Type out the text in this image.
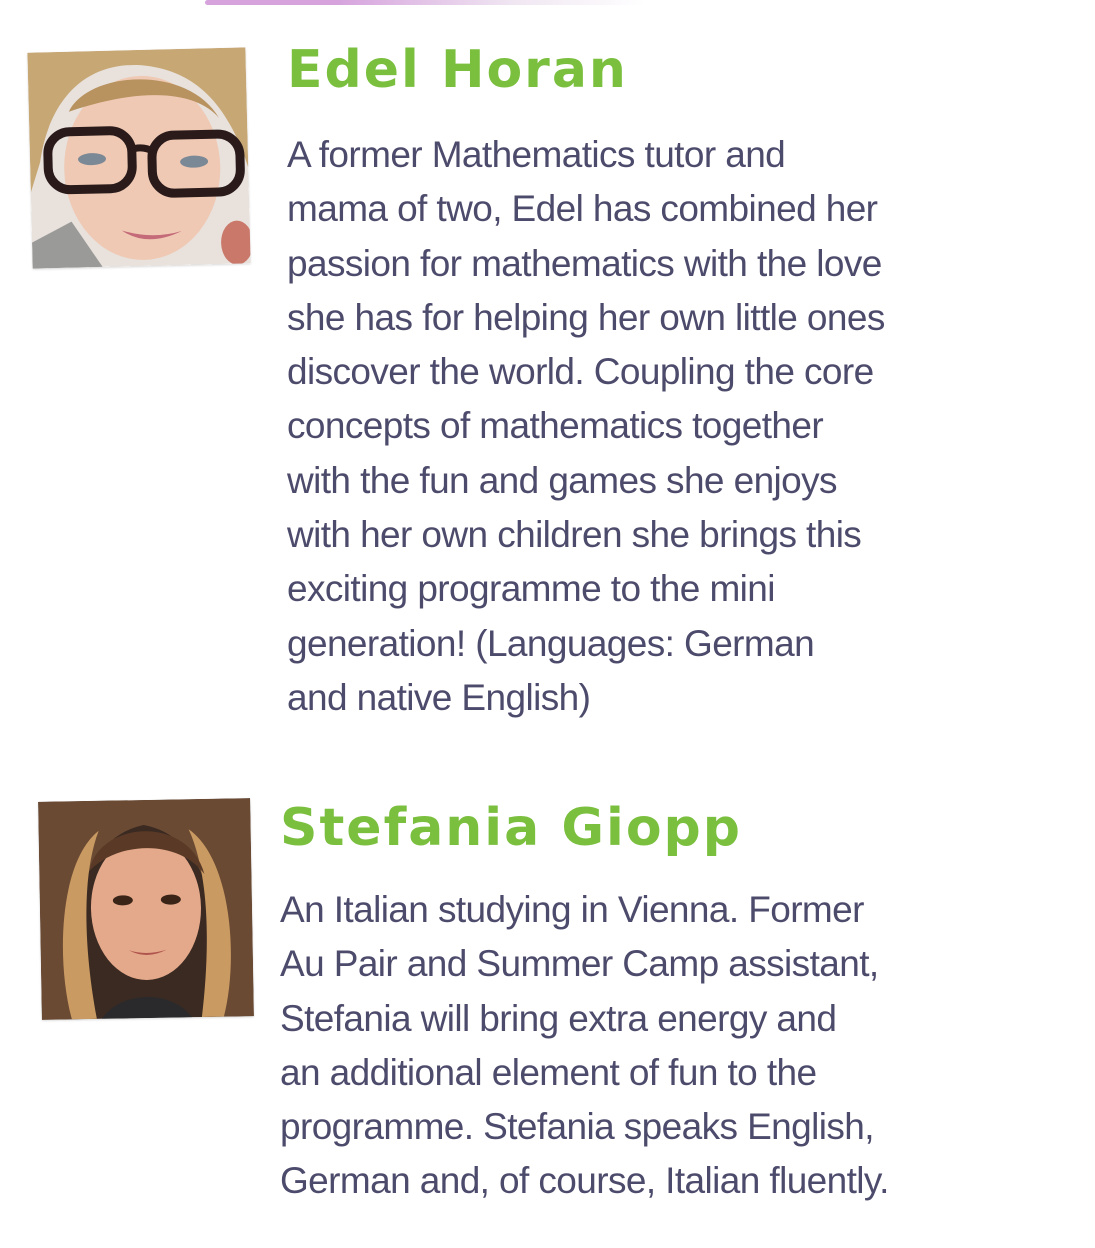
Edel Horan

A former Mathematics tutor and
mama of two, Edel has combined her
passion for mathematics with the love
she has for helping her own little ones
discover the world. Coupling the core
concepts of mathematics together
with the fun and games she enjoys
with her own children she brings this
exciting programme to the mini
generation! (Languages: German
and native English)

Stefania Giopp

An Italian studying in Vienna. Former
Au Pair and Summer Camp assistant,
Stefania will bring extra energy and
an additional element of fun to the
programme. Stefania speaks English,
German and, of course, Italian fluently.
